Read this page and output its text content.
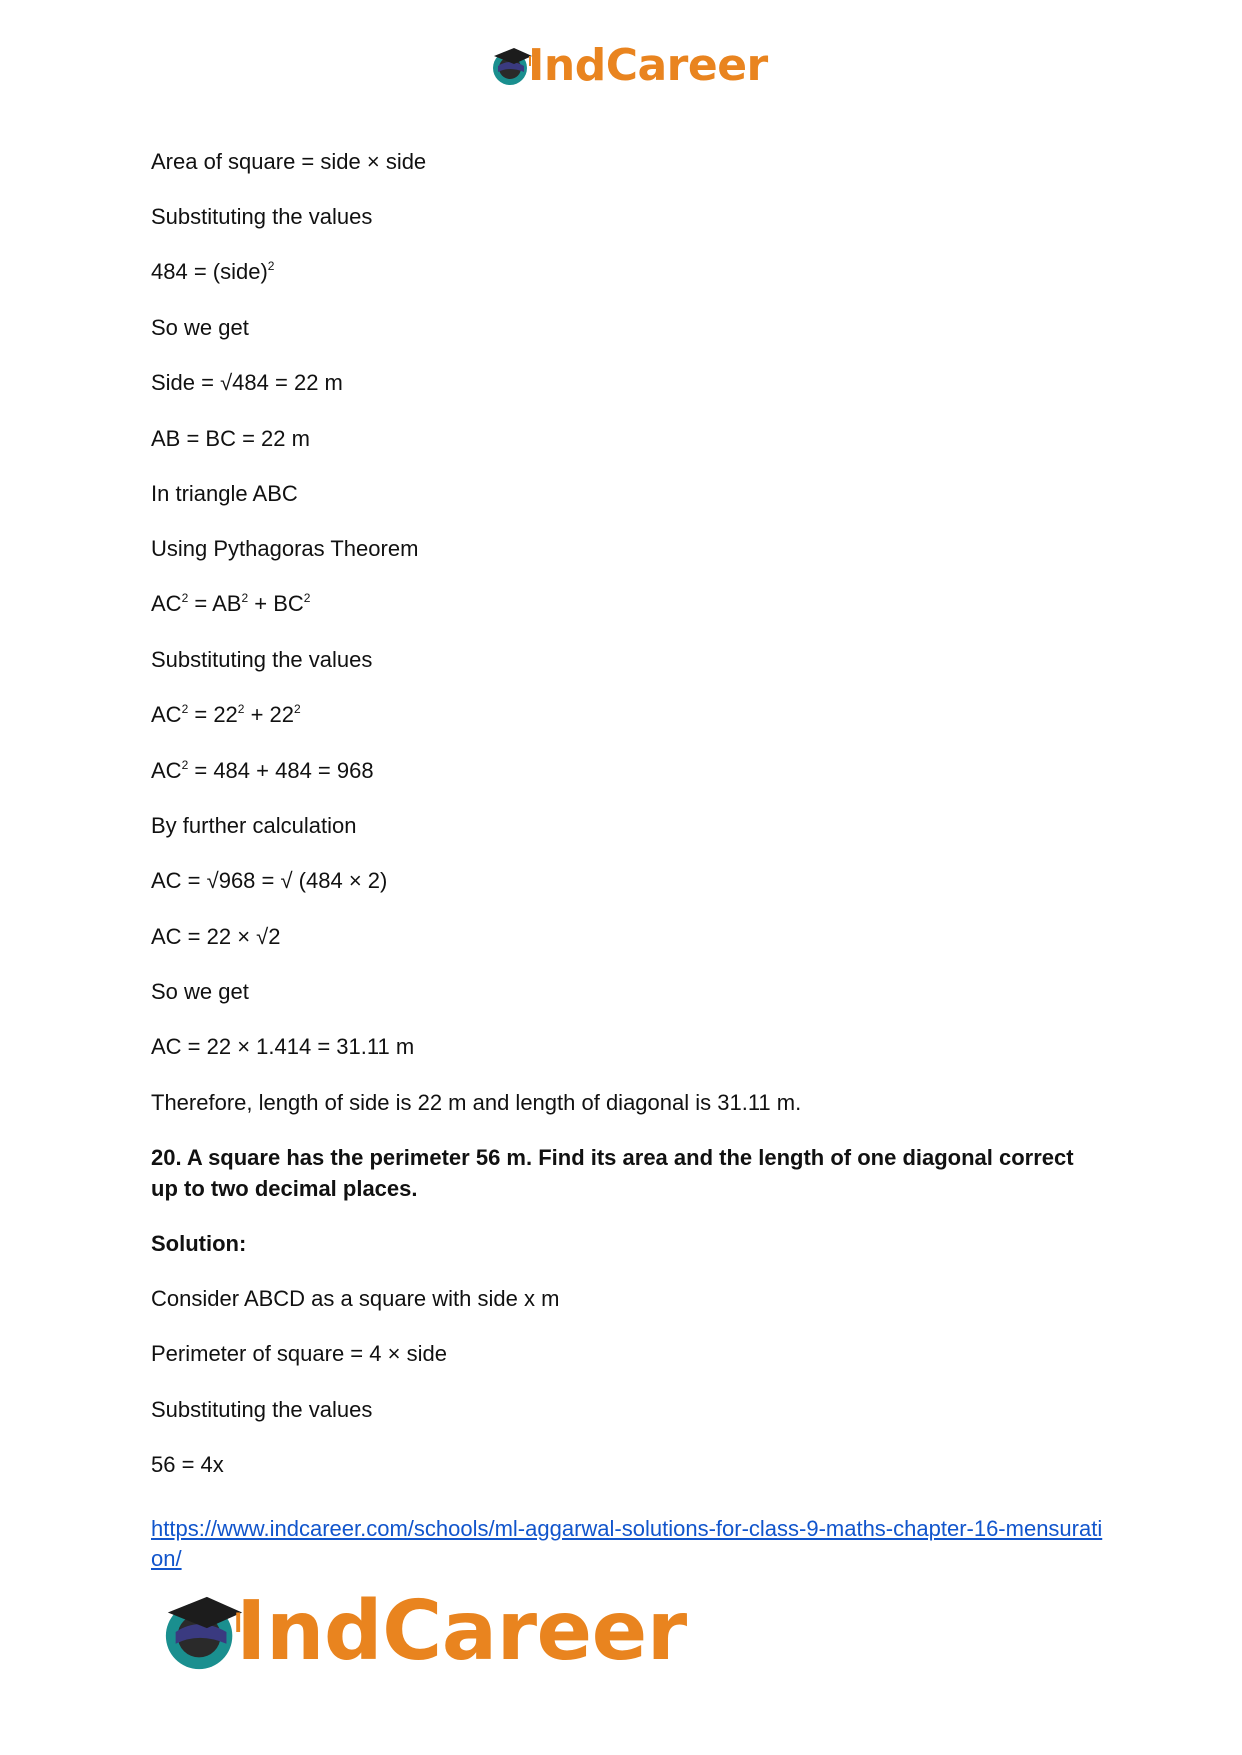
IndCareer
Area of square = side × side
Substituting the values
484 = (side)$^2$
So we get
Side = √484 = 22 m
AB = BC = 22 m
In triangle ABC
Using Pythagoras Theorem
$AC^2 = AB^2 + BC^2$
Substituting the values
$AC^2 = 22^2 + 22^2$
$AC^2 = 484 + 484 = 968$
By further calculation
AC = √968 = √ (484 × 2)
AC = 22 × √2
So we get
AC = 22 × 1.414 = 31.11 m
Therefore, length of side is 22 m and length of diagonal is 31.11 m.
20. A square has the perimeter 56 m. Find its area and the length of one diagonal correct up to two decimal places.
Solution:
Consider ABCD as a square with side x m
Perimeter of square = 4 × side
Substituting the values
56 = 4x
https://www.indcareer.com/schools/ml-aggarwal-solutions-for-class-9-maths-chapter-16-mensuration/
IndCareer
